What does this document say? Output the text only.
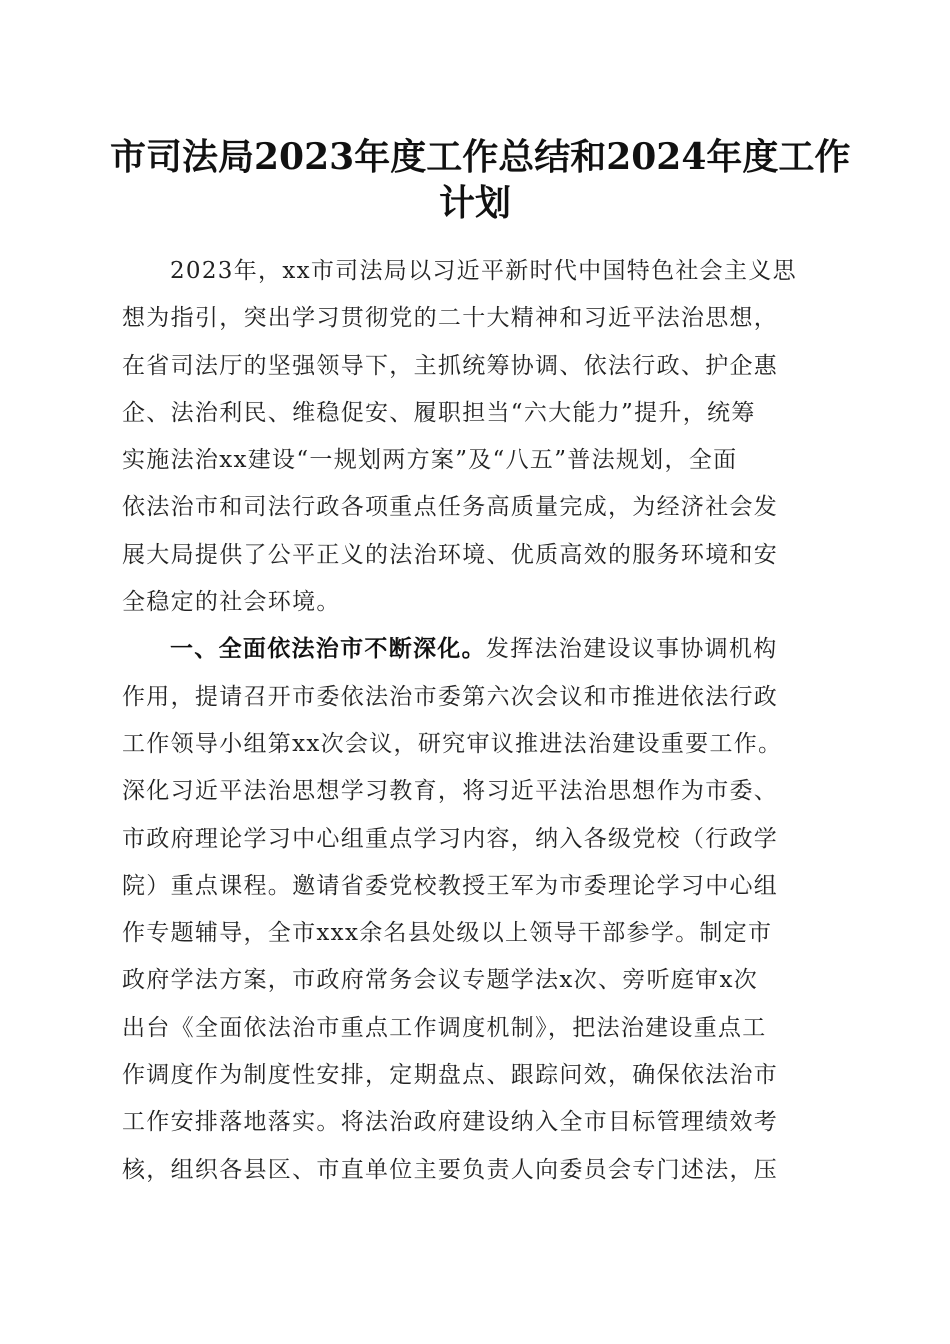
市司法局2023年度工作总结和2024年度工作
计划
2023年，xx市司法局以习近平新时代中国特色社会主义思
想为指引，突出学习贯彻党的二十大精神和习近平法治思想，
在省司法厅的坚强领导下，主抓统筹协调、依法行政、护企惠
企、法治利民、维稳促安、履职担当“六大能力”提升，统筹
实施法治xx建设“一规划两方案”及“八五”普法规划，全面
依法治市和司法行政各项重点任务高质量完成，为经济社会发
展大局提供了公平正义的法治环境、优质高效的服务环境和安
全稳定的社会环境。
一、全面依法治市不断深化。发挥法治建设议事协调机构
作用，提请召开市委依法治市委第六次会议和市推进依法行政
工作领导小组第xx次会议，研究审议推进法治建设重要工作。
深化习近平法治思想学习教育，将习近平法治思想作为市委、
市政府理论学习中心组重点学习内容，纳入各级党校（行政学
院）重点课程。邀请省委党校教授王军为市委理论学习中心组
作专题辅导，全市xxx余名县处级以上领导干部参学。制定市
政府学法方案，市政府常务会议专题学法x次、旁听庭审x次
出台《全面依法治市重点工作调度机制》，把法治建设重点工
作调度作为制度性安排，定期盘点、跟踪问效，确保依法治市
工作安排落地落实。将法治政府建设纳入全市目标管理绩效考
核，组织各县区、市直单位主要负责人向委员会专门述法，压
